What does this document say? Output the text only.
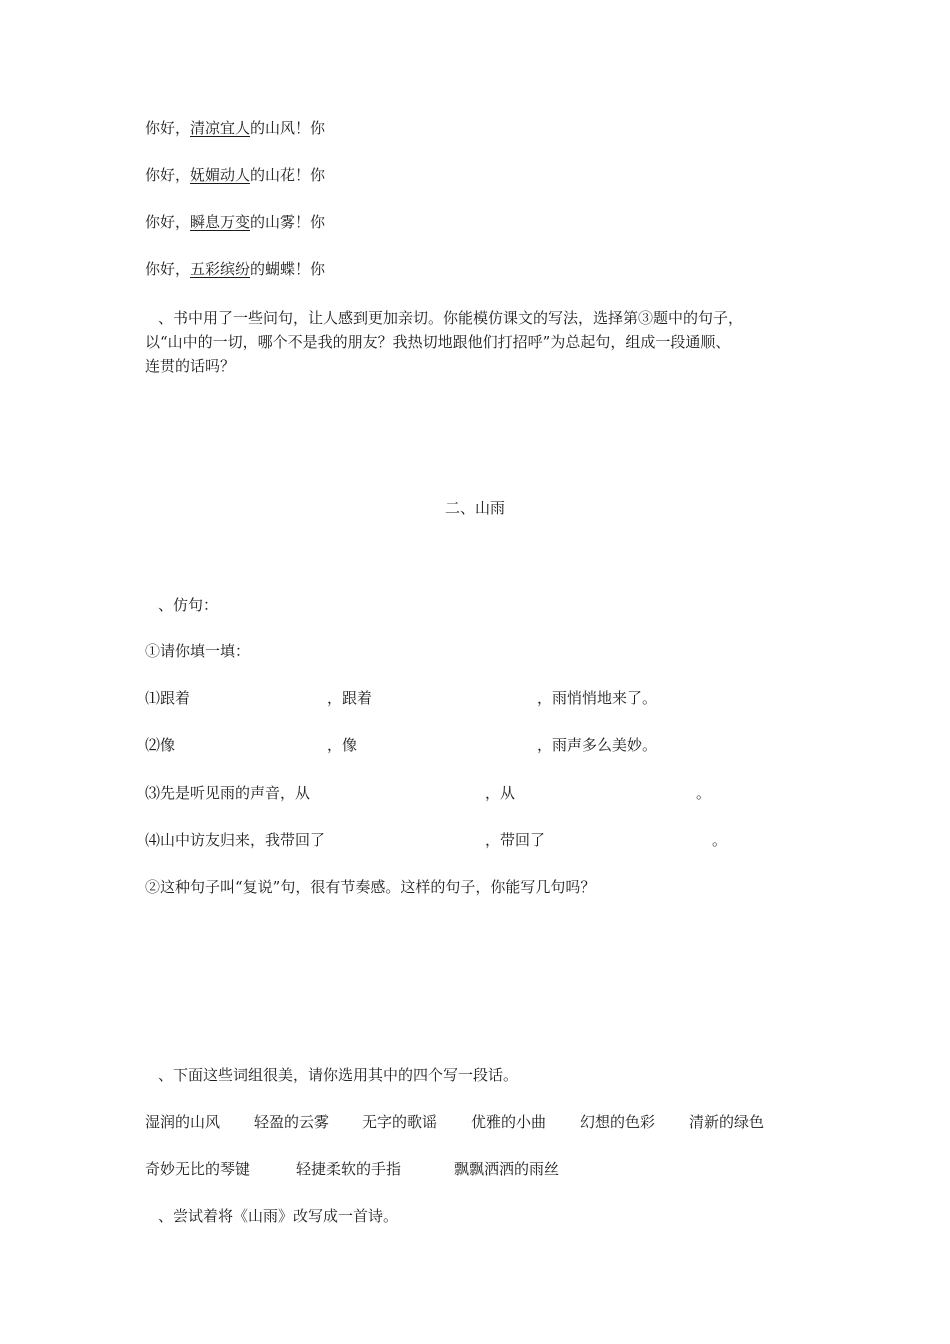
你好，清凉宜人的山风！你
你好，妩媚动人的山花！你
你好，瞬息万变的山雾！你
你好，五彩缤纷的蝴蝶！你
、书中用了一些问句，让人感到更加亲切。你能模仿课文的写法，选择第③题中的句子，
以“山中的一切，哪个不是我的朋友？我热切地跟他们打招呼”为总起句，组成一段通顺、
连贯的话吗？
二、山雨
、仿句：
①请你填一填：
⑴跟着	，跟着	，雨悄悄地来了。
⑵像	，像	，雨声多么美妙。
⑶先是听见雨的声音，从	，从	。
⑷山中访友归来，我带回了	，带回了	。
②这种句子叫“复说”句，很有节奏感。这样的句子，你能写几句吗？
、下面这些词组很美，请你选用其中的四个写一段话。
湿润的山风 轻盈的云雾 无字的歌谣 优雅的小曲 幻想的色彩 清新的绿色
奇妙无比的琴键	轻捷柔软的手指	飘飘洒洒的雨丝
、尝试着将《山雨》改写成一首诗。
